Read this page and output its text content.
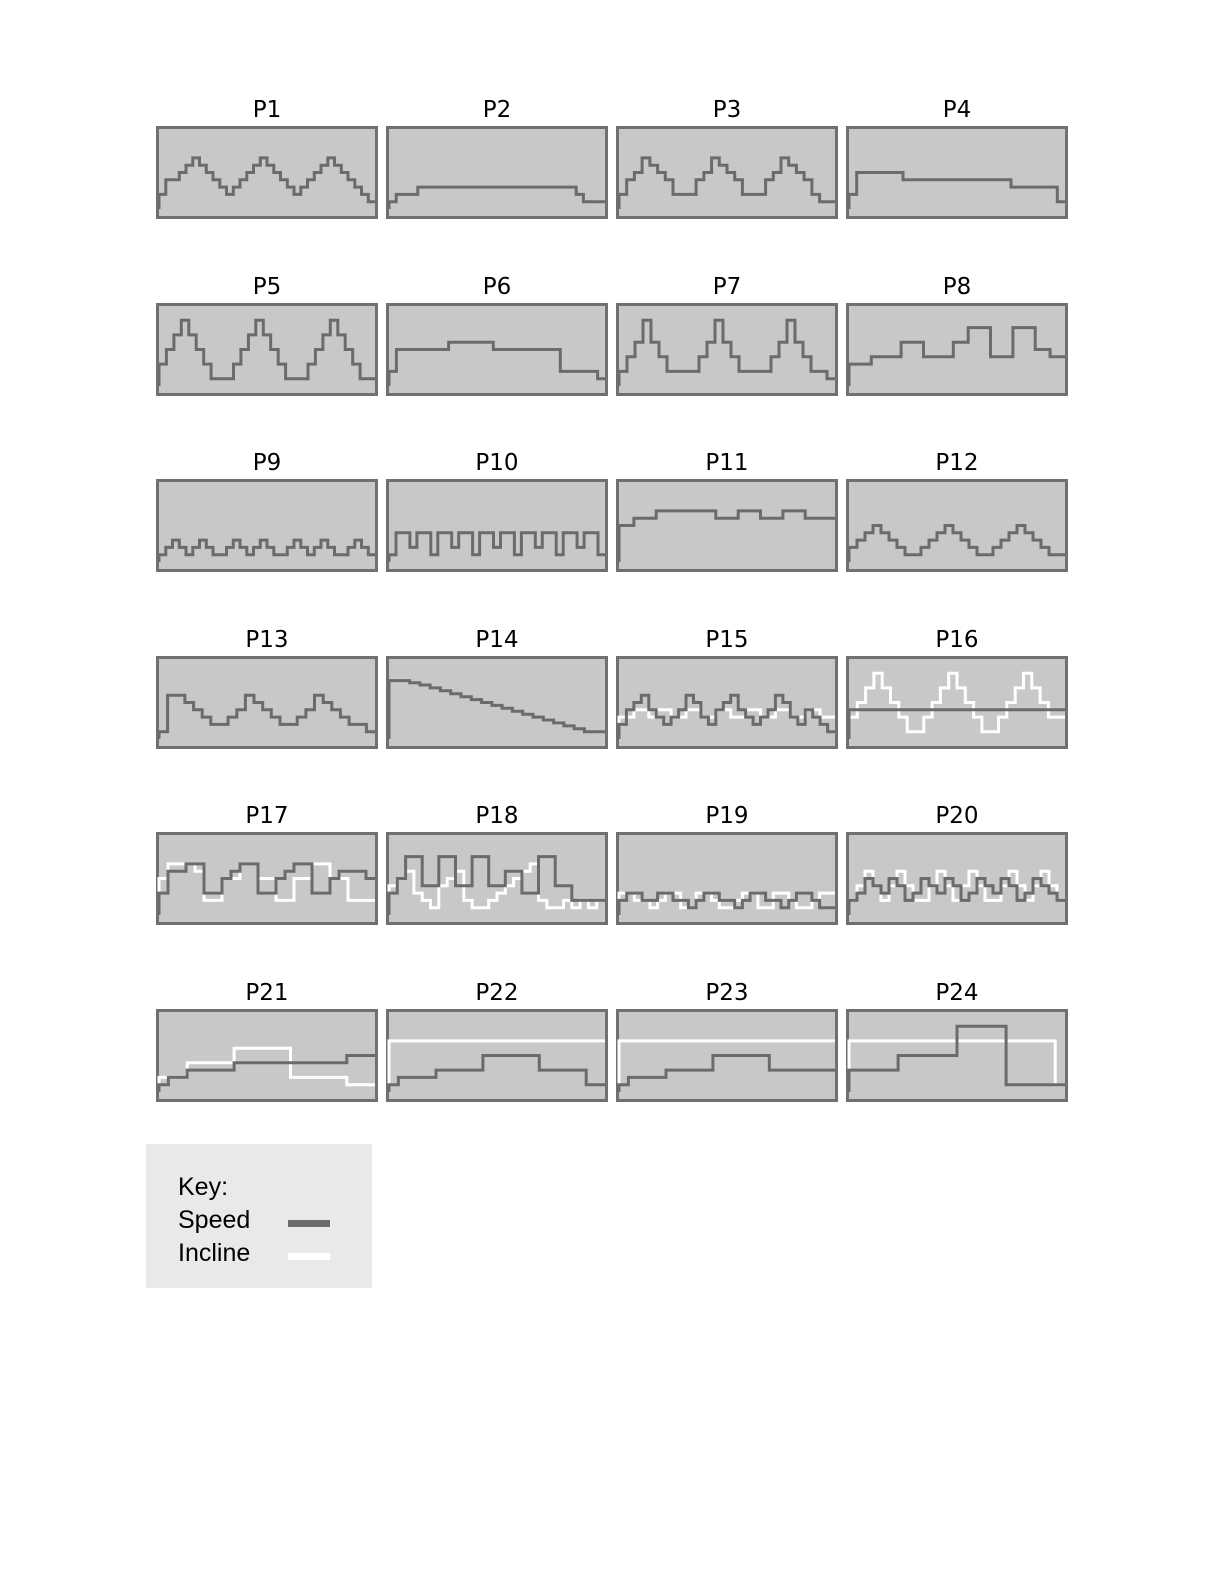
P1	P2	P3	P4
P5	P6	P7	P8
P9	P10	P11	P12
P13	P14	P15	P16
P17	P18	P19	P20
P21	P22	P23	P24
Key:
Speed
Incline
